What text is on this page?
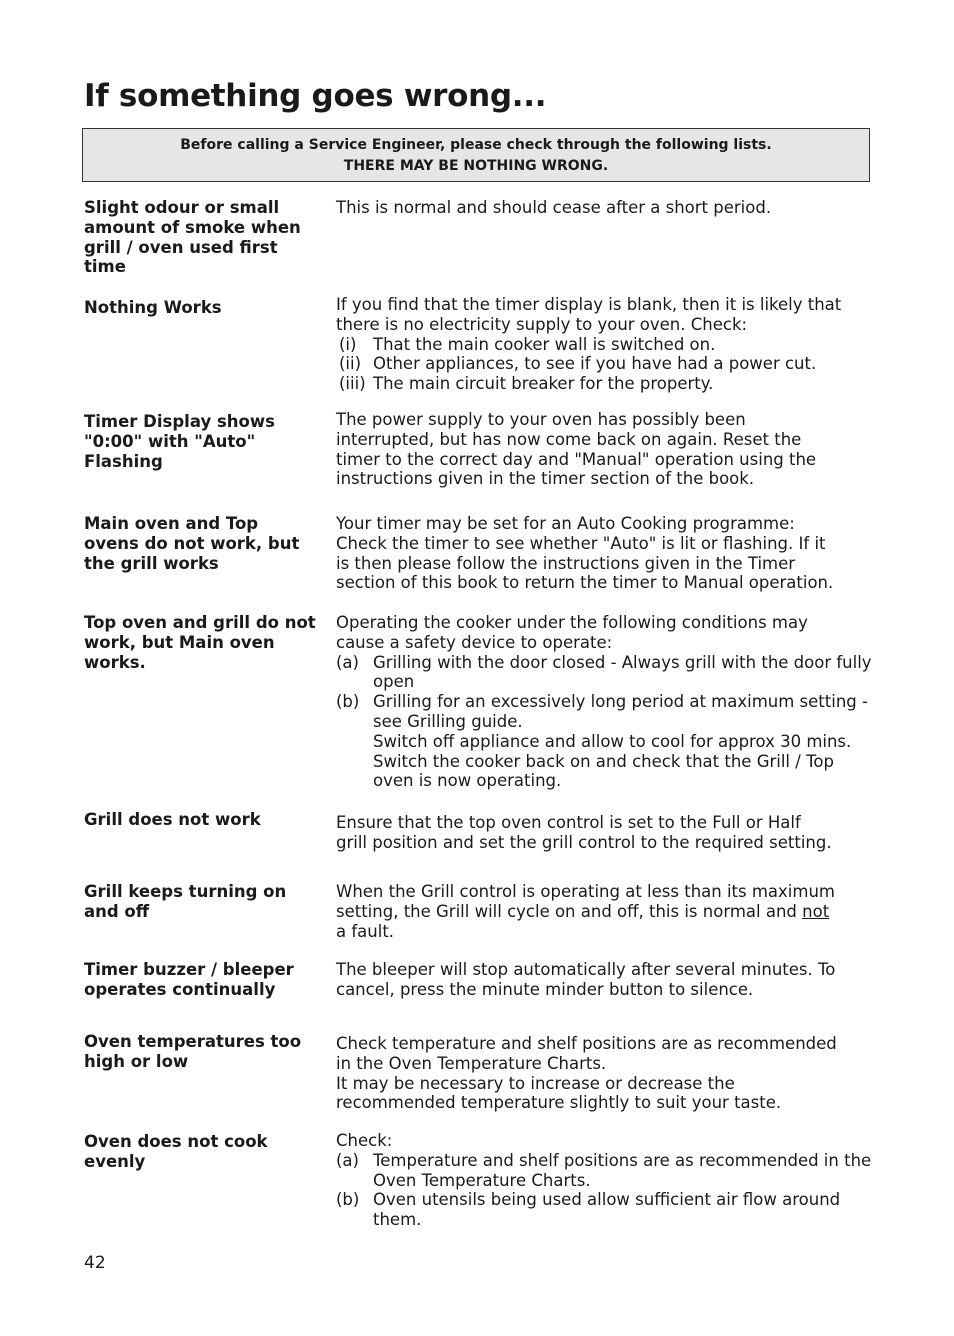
If something goes wrong...
Before calling a Service Engineer, please check through the following lists.
THERE MAY BE NOTHING WRONG.
Slight odour or small amount of smoke when grill / oven used first time
This is normal and should cease after a short period.
Nothing Works	If you find that the timer display is blank, then it is likely that
there is no electricity supply to your oven. Check:
(i) That the main cooker wall is switched on.
(ii) Other appliances, to see if you have had a power cut.
(iii) The main circuit breaker for the property.
Timer Display shows "0:00" with "Auto" Flashing
The power supply to your oven has possibly been
interrupted, but has now come back on again. Reset the
timer to the correct day and "Manual" operation using the
instructions given in the timer section of the book.
Main oven and Top ovens do not work, but the grill works
Your timer may be set for an Auto Cooking programme:
Check the timer to see whether "Auto" is lit or flashing. If it
is then please follow the instructions given in the Timer
section of this book to return the timer to Manual operation.
Top oven and grill do not work, but Main oven works.
Operating the cooker under the following conditions may
cause a safety device to operate:
(a) Grilling with the door closed - Always grill with the door fully open
(b) Grilling for an excessively long period at maximum setting - see Grilling guide.
Switch off appliance and allow to cool for approx 30 mins. Switch the cooker back on and check that the Grill / Top oven is now operating.
Grill does not work	Ensure that the top oven control is set to the Full or Half
grill position and set the grill control to the required setting.
Grill keeps turning on and off
When the Grill control is operating at less than its maximum
setting, the Grill will cycle on and off, this is normal and not
a fault.
Timer buzzer / bleeper operates continually
The bleeper will stop automatically after several minutes. To
cancel, press the minute minder button to silence.
Oven temperatures too high or low
Check temperature and shelf positions are as recommended
in the Oven Temperature Charts.
It may be necessary to increase or decrease the
recommended temperature slightly to suit your taste.
Oven does not cook evenly
Check:
(a) Temperature and shelf positions are as recommended in the Oven Temperature Charts.
(b) Oven utensils being used allow sufficient air flow around them.
42
